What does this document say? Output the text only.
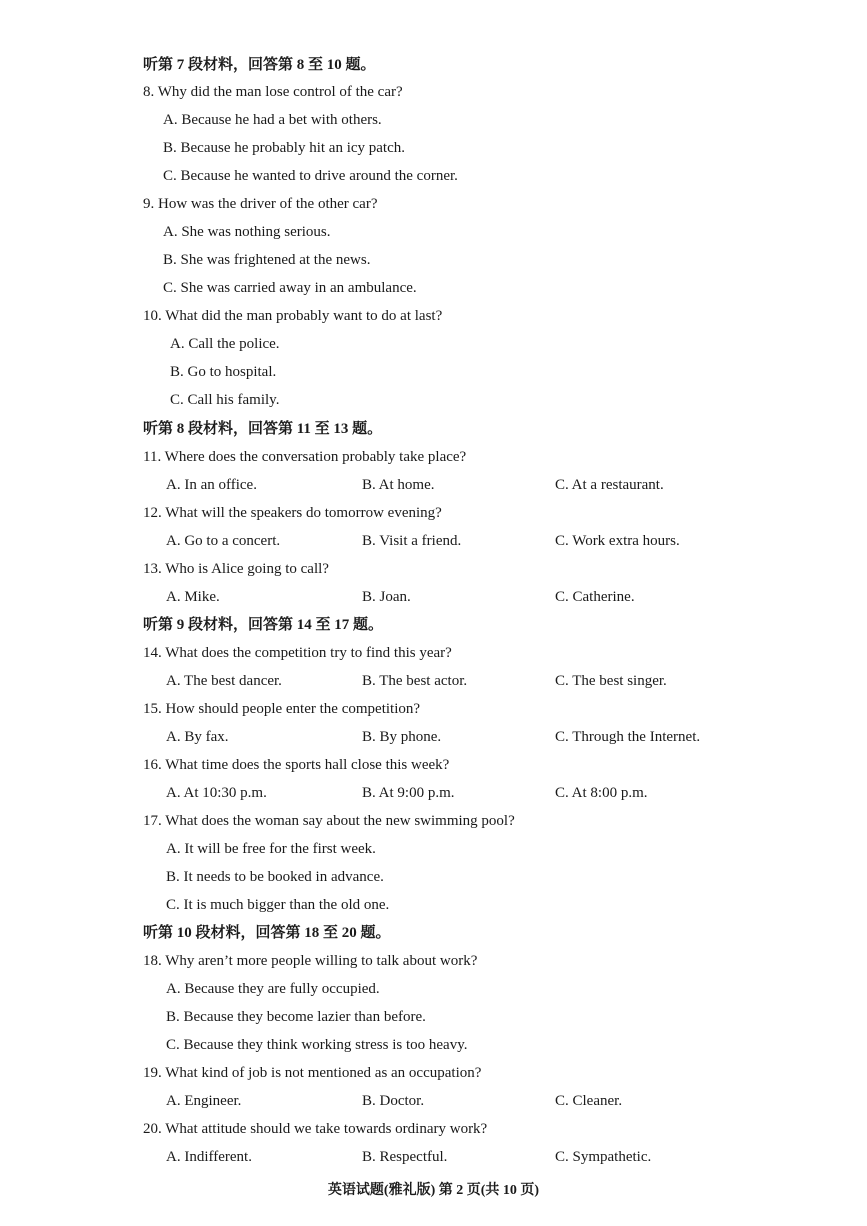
听第 7 段材料，回答第 8 至 10 题。
8. Why did the man lose control of the car?
A. Because he had a bet with others.
B. Because he probably hit an icy patch.
C. Because he wanted to drive around the corner.
9. How was the driver of the other car?
A. She was nothing serious.
B. She was frightened at the news.
C. She was carried away in an ambulance.
10. What did the man probably want to do at last?
A. Call the police.
B. Go to hospital.
C. Call his family.
听第 8 段材料，回答第 11 至 13 题。
11. Where does the conversation probably take place?
A. In an office.	B. At home.	C. At a restaurant.
12. What will the speakers do tomorrow evening?
A. Go to a concert.	B. Visit a friend.	C. Work extra hours.
13. Who is Alice going to call?
A. Mike.	B. Joan.	C. Catherine.
听第 9 段材料，回答第 14 至 17 题。
14. What does the competition try to find this year?
A. The best dancer.	B. The best actor.	C. The best singer.
15. How should people enter the competition?
A. By fax.	B. By phone.	C. Through the Internet.
16. What time does the sports hall close this week?
A. At 10:30 p.m.	B. At 9:00 p.m.	C. At 8:00 p.m.
17. What does the woman say about the new swimming pool?
A. It will be free for the first week.
B. It needs to be booked in advance.
C. It is much bigger than the old one.
听第 10 段材料，回答第 18 至 20 题。
18. Why aren’t more people willing to talk about work?
A. Because they are fully occupied.
B. Because they become lazier than before.
C. Because they think working stress is too heavy.
19. What kind of job is not mentioned as an occupation?
A. Engineer.	B. Doctor.	C. Cleaner.
20. What attitude should we take towards ordinary work?
A. Indifferent.	B. Respectful.	C. Sympathetic.
英语试题(雅礼版) 第 2 页(共 10 页)
